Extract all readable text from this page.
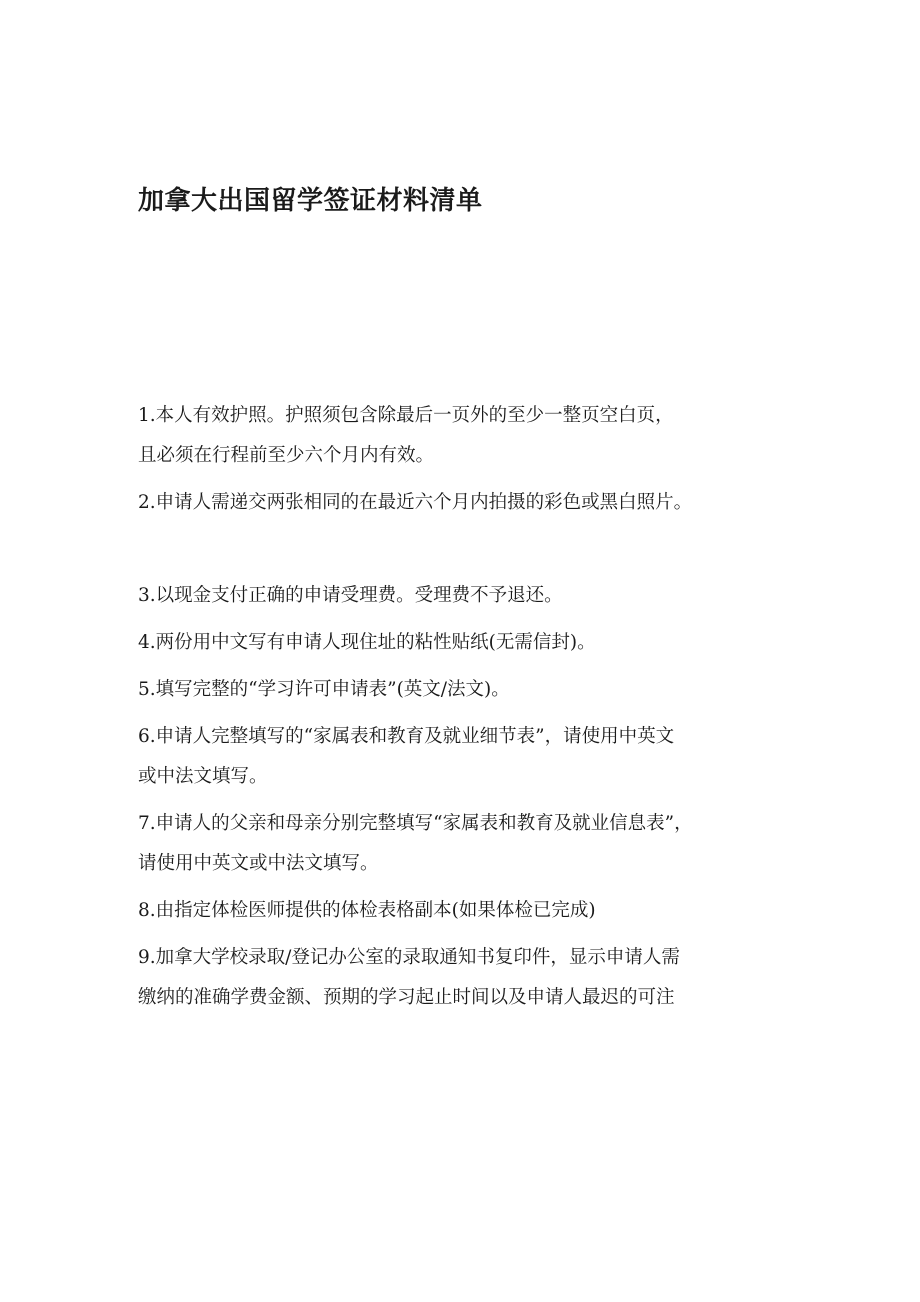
加拿大出国留学签证材料清单
1.本人有效护照。护照须包含除最后一页外的至少一整页空白页，
且必须在行程前至少六个月内有效。
2.申请人需递交两张相同的在最近六个月内拍摄的彩色或黑白照片。
3.以现金支付正确的申请受理费。受理费不予退还。
4.两份用中文写有申请人现住址的粘性贴纸(无需信封)。
5.填写完整的“学习许可申请表”(英文/法文)。
6.申请人完整填写的“家属表和教育及就业细节表”，请使用中英文
或中法文填写。
7.申请人的父亲和母亲分别完整填写“家属表和教育及就业信息表”，
请使用中英文或中法文填写。
8.由指定体检医师提供的体检表格副本(如果体检已完成)
9.加拿大学校录取/登记办公室的录取通知书复印件，显示申请人需
缴纳的准确学费金额、预期的学习起止时间以及申请人最迟的可注
